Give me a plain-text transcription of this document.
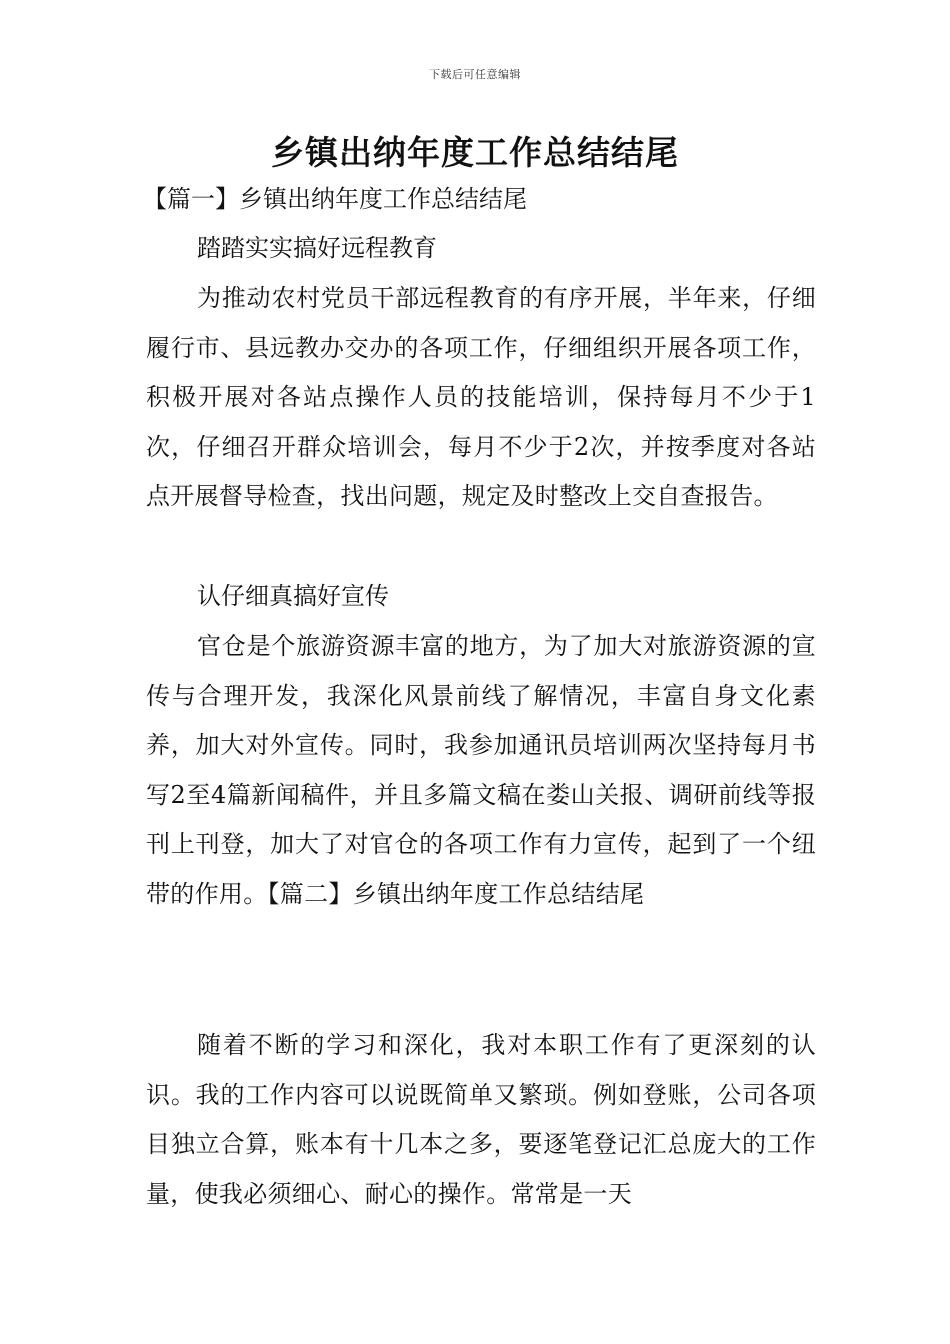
下载后可任意编辑
乡镇出纳年度工作总结结尾
【篇一】乡镇出纳年度工作总结结尾
踏踏实实搞好远程教育

为推动农村党员干部远程教育的有序开展，半年来，仔细履行市、县远教办交办的各项工作，仔细组织开展各项工作，积极开展对各站点操作人员的技能培训，保持每月不少于1次，仔细召开群众培训会，每月不少于2次，并按季度对各站点开展督导检查，找出问题，规定及时整改上交自查报告。

认仔细真搞好宣传

官仓是个旅游资源丰富的地方，为了加大对旅游资源的宣传与合理开发，我深化风景前线了解情况，丰富自身文化素养，加大对外宣传。同时，我参加通讯员培训两次坚持每月书写2至4篇新闻稿件，并且多篇文稿在娄山关报、调研前线等报刊上刊登，加大了对官仓的各项工作有力宣传，起到了一个纽带的作用。【篇二】乡镇出纳年度工作总结结尾

随着不断的学习和深化，我对本职工作有了更深刻的认识。我的工作内容可以说既简单又繁琐。例如登账，公司各项目独立合算，账本有十几本之多，要逐笔登记汇总庞大的工作量，使我必须细心、耐心的操作。常常是一天
